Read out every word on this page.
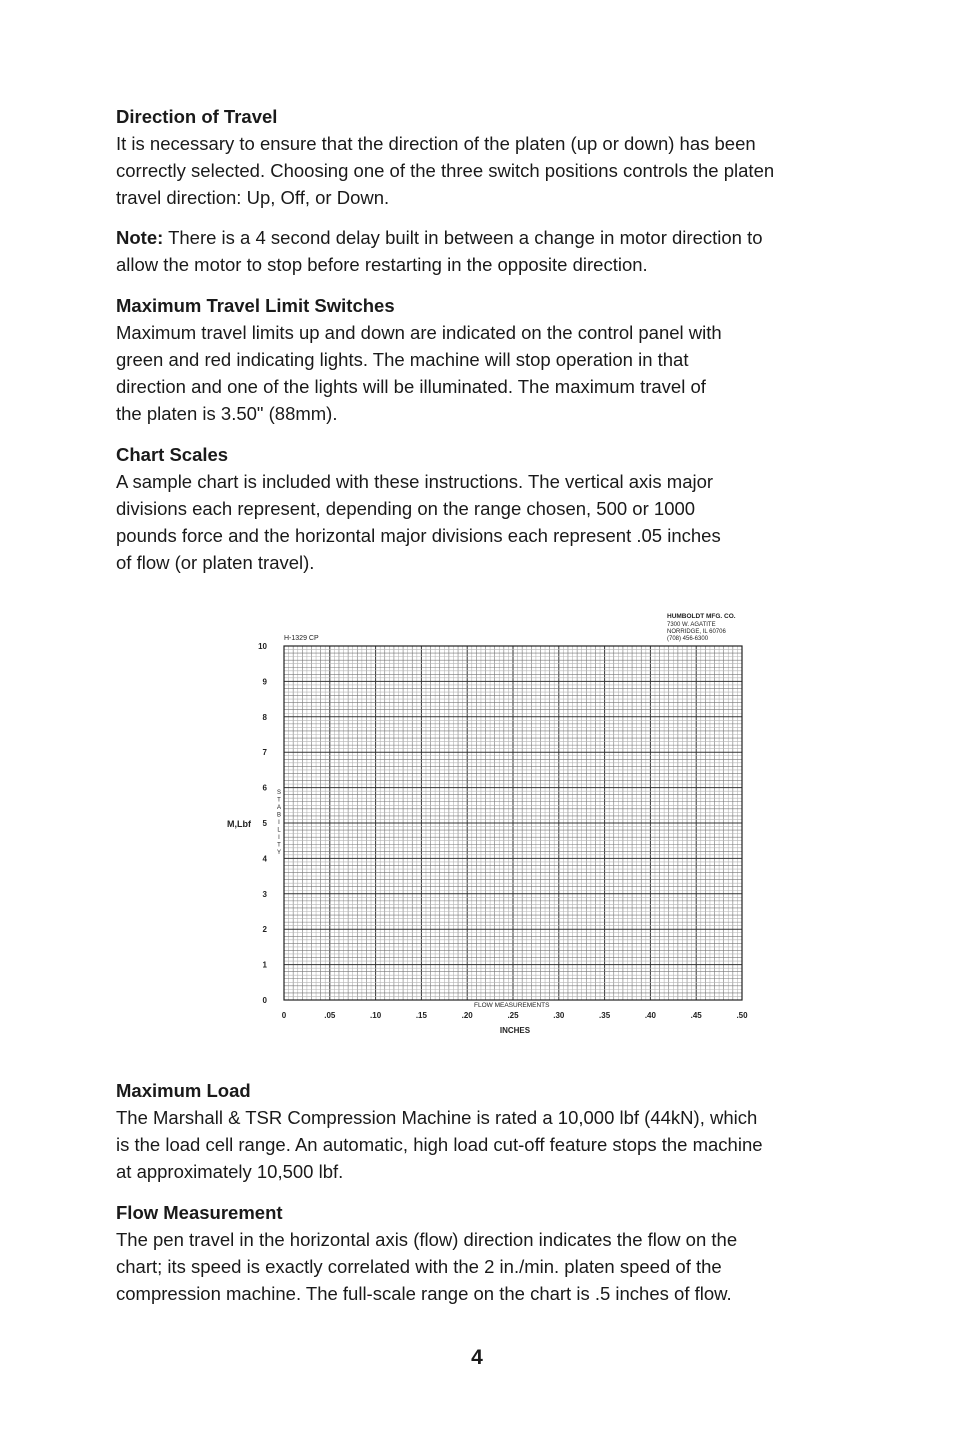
Direction of Travel

It is necessary to ensure that the direction of the platen (up or down) has been
correctly selected. Choosing one of the three switch positions controls the platen
travel direction: Up, Off, or Down.

Note: There is a 4 second delay built in between a change in motor direction to
allow the motor to stop before restarting in the opposite direction.

Maximum Travel Limit Switches

Maximum travel limits up and down are indicated on the control panel with
green and red indicating lights. The machine will stop operation in that
direction and one of the lights will be illuminated. The maximum travel of
the platen is 3.50" (88mm).

Chart Scales

A sample chart is included with these instructions. The vertical axis major
divisions each represent, depending on the range chosen, 500 or 1000
pounds force and the horizontal major divisions each represent .05 inches
of flow (or platen travel).

H-1329 CP
HUMBOLDT MFG. CO.
7300 W. AGATITE
NORRIDGE, IL 60706
(708) 456-6300
M,Lbf
FLOW MEASUREMENTS
INCHES
0
1
2
3
4
5
6
7
8
9
10
0	.05	.10	.15	.20	.25	.30	.35	.40	.45	.50
S
T
A
B
I
L
I
T
Y
Maximum Load

The Marshall & TSR Compression Machine is rated a 10,000 lbf (44kN), which
is the load cell range. An automatic, high load cut-off feature stops the machine
at approximately 10,500 lbf.

Flow Measurement

The pen travel in the horizontal axis (flow) direction indicates the flow on the
chart; its speed is exactly correlated with the 2 in./min. platen speed of the
compression machine. The full-scale range on the chart is .5 inches of flow.

4
